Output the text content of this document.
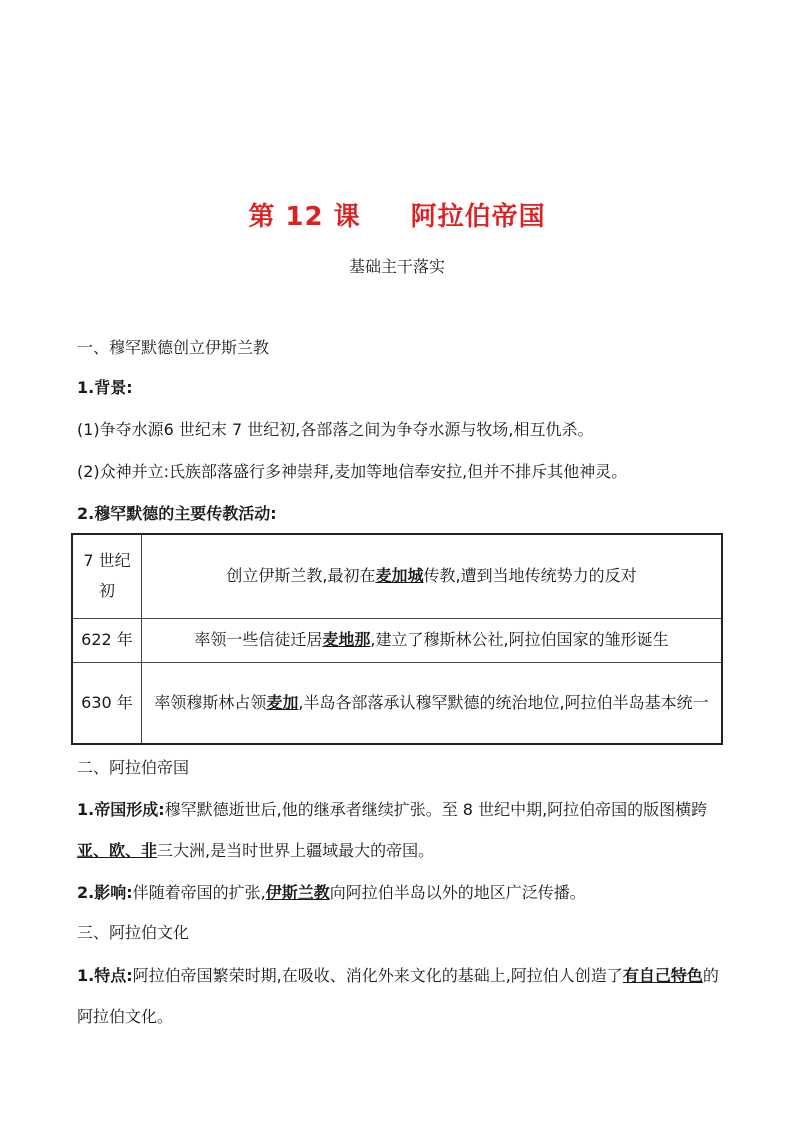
第 12 课 阿拉伯帝国
基础主干落实
一、穆罕默德创立伊斯兰教
1.背景:
(1)争夺水源6 世纪末 7 世纪初,各部落之间为争夺水源与牧场,相互仇杀。
(2)众神并立:氏族部落盛行多神崇拜,麦加等地信奉安拉,但并不排斥其他神灵。
2.穆罕默德的主要传教活动:
7 世纪初	创立伊斯兰教,最初在麦加城传教,遭到当地传统势力的反对
622 年	率领一些信徒迁居麦地那,建立了穆斯林公社,阿拉伯国家的雏形诞生
630 年	率领穆斯林占领麦加,半岛各部落承认穆罕默德的统治地位,阿拉伯半岛基本统一
二、阿拉伯帝国
1.帝国形成:穆罕默德逝世后,他的继承者继续扩张。至 8 世纪中期,阿拉伯帝国的版图横跨亚、欧、非三大洲,是当时世界上疆域最大的帝国。
2.影响:伴随着帝国的扩张,伊斯兰教向阿拉伯半岛以外的地区广泛传播。
三、阿拉伯文化
1.特点:阿拉伯帝国繁荣时期,在吸收、消化外来文化的基础上,阿拉伯人创造了有自己特色的阿拉伯文化。
